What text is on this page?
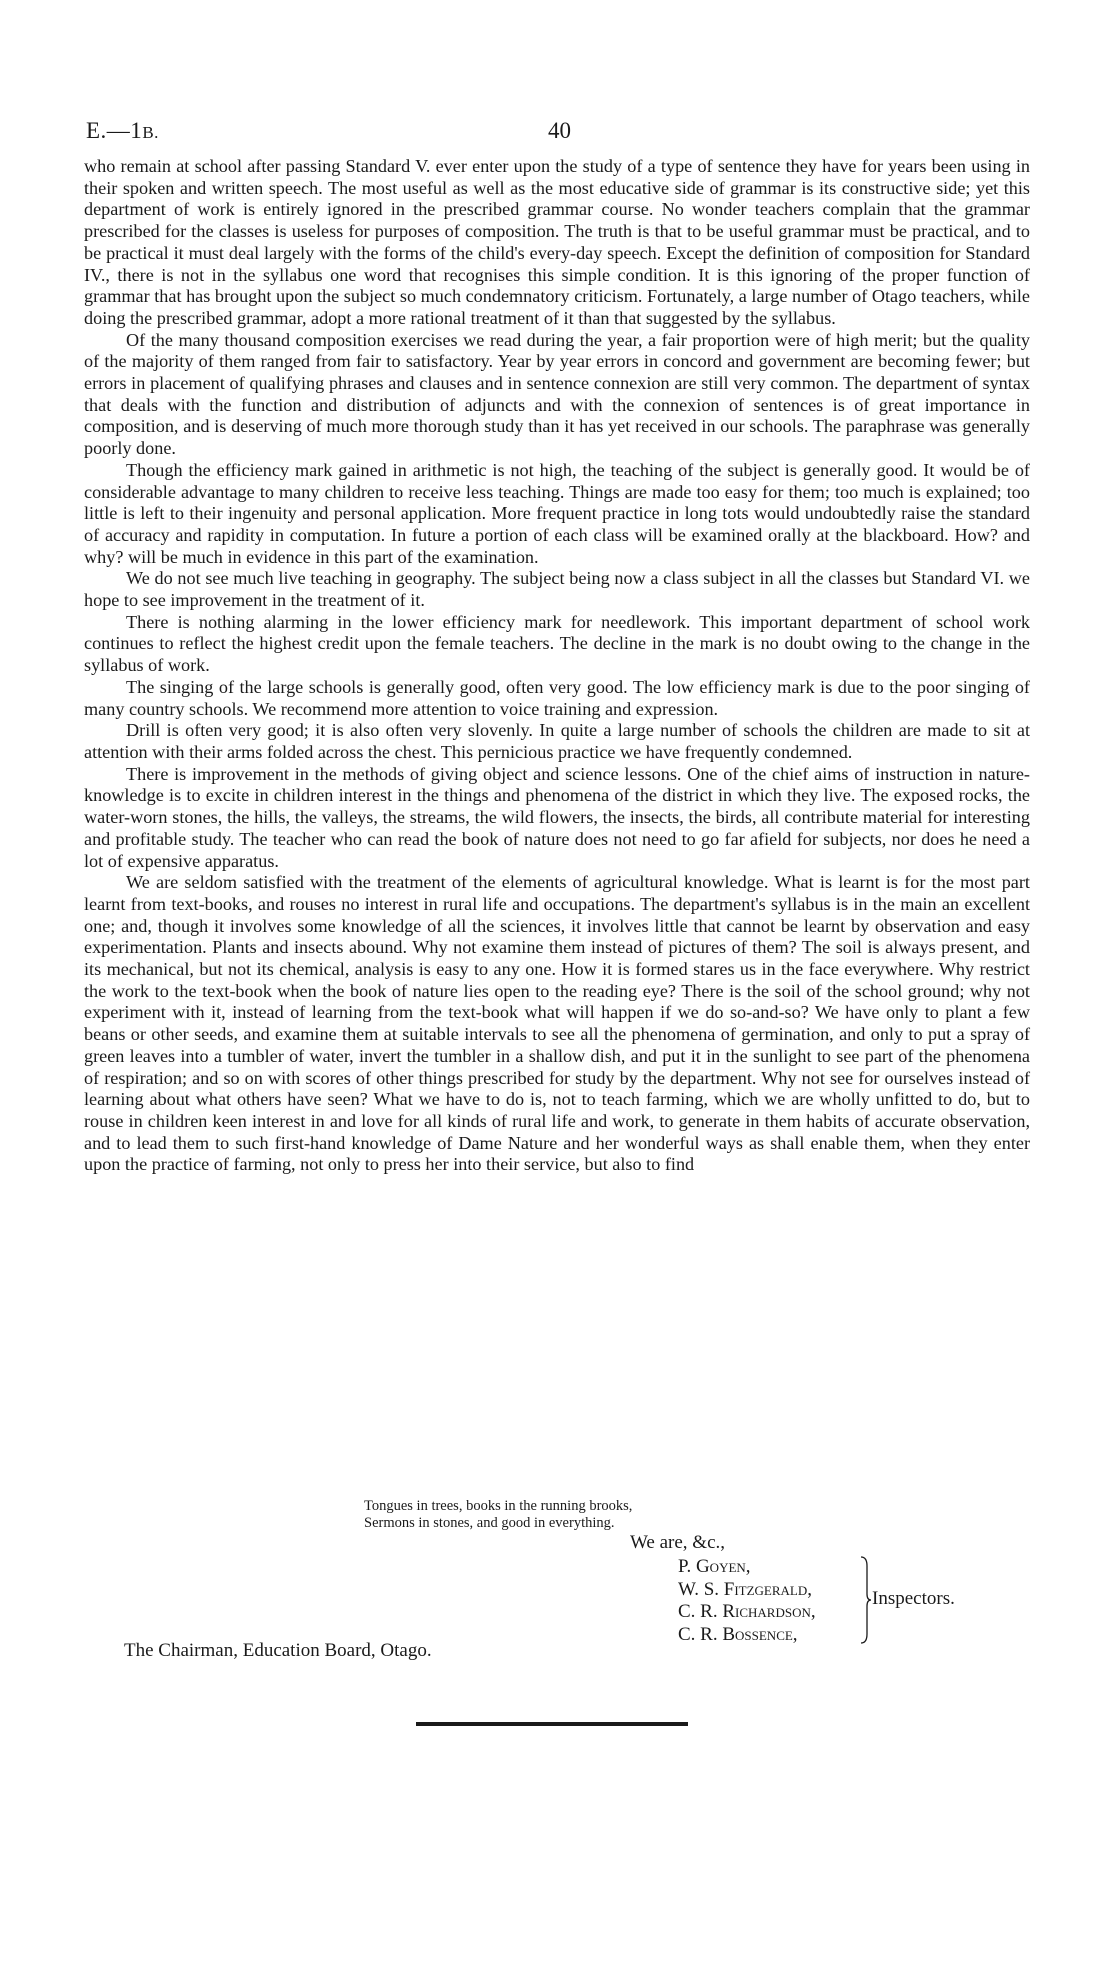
E.—1B.	40

who remain at school after passing Standard V. ever enter upon the study of a type of sentence they have for years been using in their spoken and written speech. The most useful as well as the most educative side of grammar is its constructive side; yet this department of work is entirely ignored in the prescribed grammar course. No wonder teachers complain that the grammar prescribed for the classes is useless for purposes of composition. The truth is that to be useful grammar must be practical, and to be practical it must deal largely with the forms of the child's every-day speech. Except the definition of composition for Standard IV., there is not in the syllabus one word that recognises this simple condition. It is this ignoring of the proper function of grammar that has brought upon the subject so much condemnatory criticism. Fortunately, a large number of Otago teachers, while doing the prescribed grammar, adopt a more rational treatment of it than that suggested by the syllabus.

Of the many thousand composition exercises we read during the year, a fair proportion were of high merit; but the quality of the majority of them ranged from fair to satisfactory. Year by year errors in concord and government are becoming fewer; but errors in placement of qualifying phrases and clauses and in sentence connexion are still very common. The department of syntax that deals with the function and distribution of adjuncts and with the connexion of sentences is of great importance in composition, and is deserving of much more thorough study than it has yet received in our schools. The paraphrase was generally poorly done.

Though the efficiency mark gained in arithmetic is not high, the teaching of the subject is generally good. It would be of considerable advantage to many children to receive less teaching. Things are made too easy for them; too much is explained; too little is left to their ingenuity and personal application. More frequent practice in long tots would undoubtedly raise the standard of accuracy and rapidity in computation. In future a portion of each class will be examined orally at the blackboard. How? and why? will be much in evidence in this part of the examination.

We do not see much live teaching in geography. The subject being now a class subject in all the classes but Standard VI. we hope to see improvement in the treatment of it.

There is nothing alarming in the lower efficiency mark for needlework. This important department of school work continues to reflect the highest credit upon the female teachers. The decline in the mark is no doubt owing to the change in the syllabus of work.

The singing of the large schools is generally good, often very good. The low efficiency mark is due to the poor singing of many country schools. We recommend more attention to voice training and expression.

Drill is often very good; it is also often very slovenly. In quite a large number of schools the children are made to sit at attention with their arms folded across the chest. This pernicious practice we have frequently condemned.

There is improvement in the methods of giving object and science lessons. One of the chief aims of instruction in nature-knowledge is to excite in children interest in the things and phenomena of the district in which they live. The exposed rocks, the water-worn stones, the hills, the valleys, the streams, the wild flowers, the insects, the birds, all contribute material for interesting and profitable study. The teacher who can read the book of nature does not need to go far afield for subjects, nor does he need a lot of expensive apparatus.

We are seldom satisfied with the treatment of the elements of agricultural knowledge. What is learnt is for the most part learnt from text-books, and rouses no interest in rural life and occupations. The department's syllabus is in the main an excellent one; and, though it involves some knowledge of all the sciences, it involves little that cannot be learnt by observation and easy experimentation. Plants and insects abound. Why not examine them instead of pictures of them? The soil is always present, and its mechanical, but not its chemical, analysis is easy to any one. How it is formed stares us in the face everywhere. Why restrict the work to the text-book when the book of nature lies open to the reading eye? There is the soil of the school ground; why not experiment with it, instead of learning from the text-book what will happen if we do so-and-so? We have only to plant a few beans or other seeds, and examine them at suitable intervals to see all the phenomena of germination, and only to put a spray of green leaves into a tumbler of water, invert the tumbler in a shallow dish, and put it in the sunlight to see part of the phenomena of respiration; and so on with scores of other things prescribed for study by the department. Why not see for ourselves instead of learning about what others have seen? What we have to do is, not to teach farming, which we are wholly unfitted to do, but to rouse in children keen interest in and love for all kinds of rural life and work, to generate in them habits of accurate observation, and to lead them to such first-hand knowledge of Dame Nature and her wonderful ways as shall enable them, when they enter upon the practice of farming, not only to press her into their service, but also to find

Tongues in trees, books in the running brooks,
Sermons in stones, and good in everything.
We are, &c.,
P. Goyen,
W. S. Fitzgerald,
C. R. Richardson,
C. R. Bossence,
Inspectors.
The Chairman, Education Board, Otago.
